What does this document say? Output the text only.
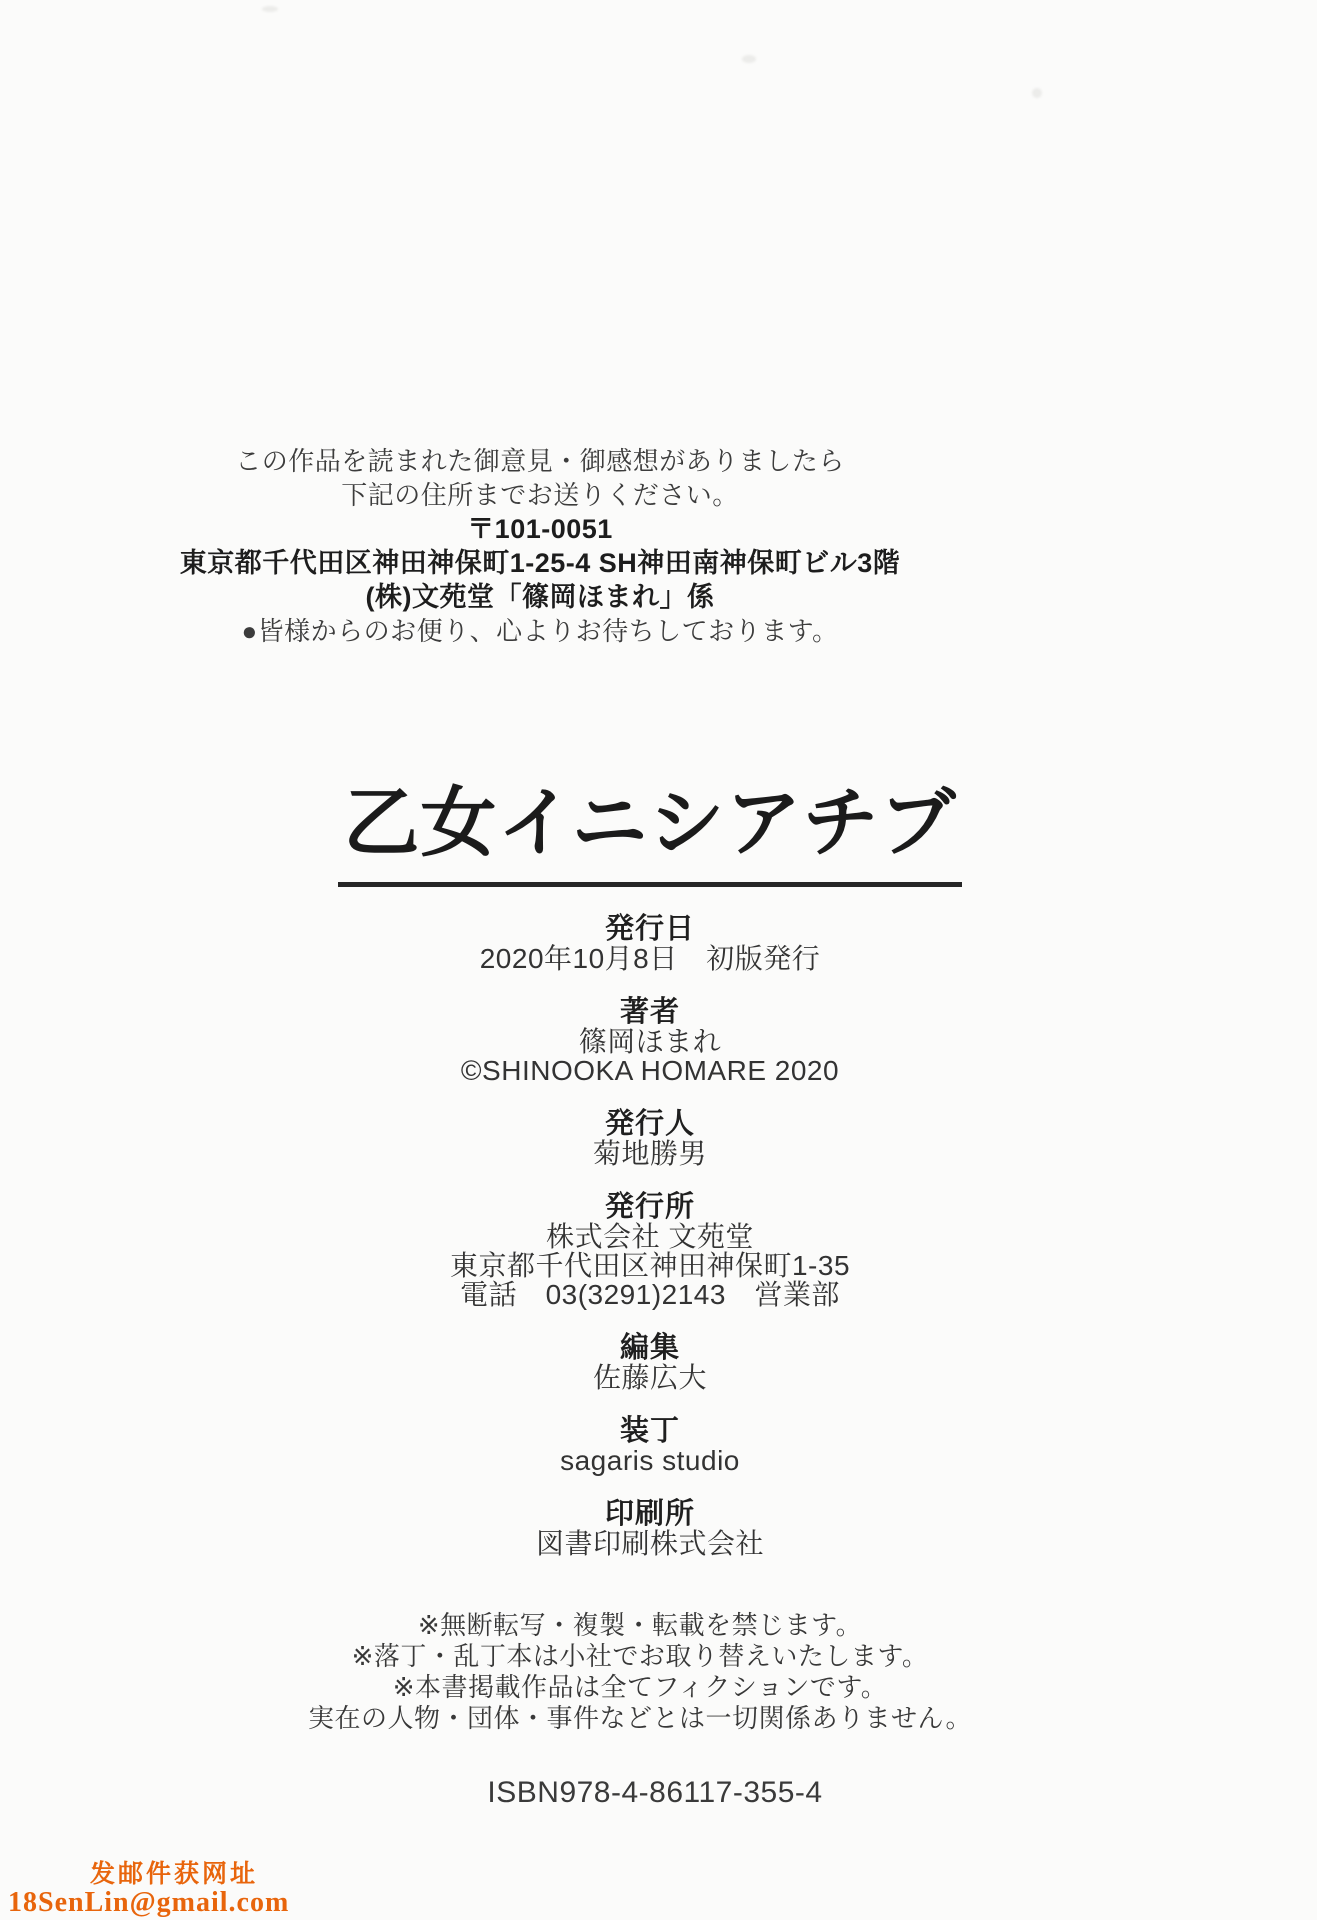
この作品を読まれた御意見・御感想がありましたら
下記の住所までお送りください。
〒101-0051
東京都千代田区神田神保町1-25-4 SH神田南神保町ビル3階
(株)文苑堂「篠岡ほまれ」係
●皆様からのお便り、心よりお待ちしております。
乙女イニシアチブ
発行日
2020年10月8日　初版発行
著者
篠岡ほまれ
©SHINOOKA HOMARE 2020
発行人
菊地勝男
発行所
株式会社 文苑堂
東京都千代田区神田神保町1-35
電話　03(3291)2143　営業部
編集
佐藤広大
装丁
sagaris studio
印刷所
図書印刷株式会社
※無断転写・複製・転載を禁じます。
※落丁・乱丁本は小社でお取り替えいたします。
※本書掲載作品は全てフィクションです。
実在の人物・団体・事件などとは一切関係ありません。
ISBN978-4-86117-355-4
发邮件获网址
18SenLin@gmail.com
